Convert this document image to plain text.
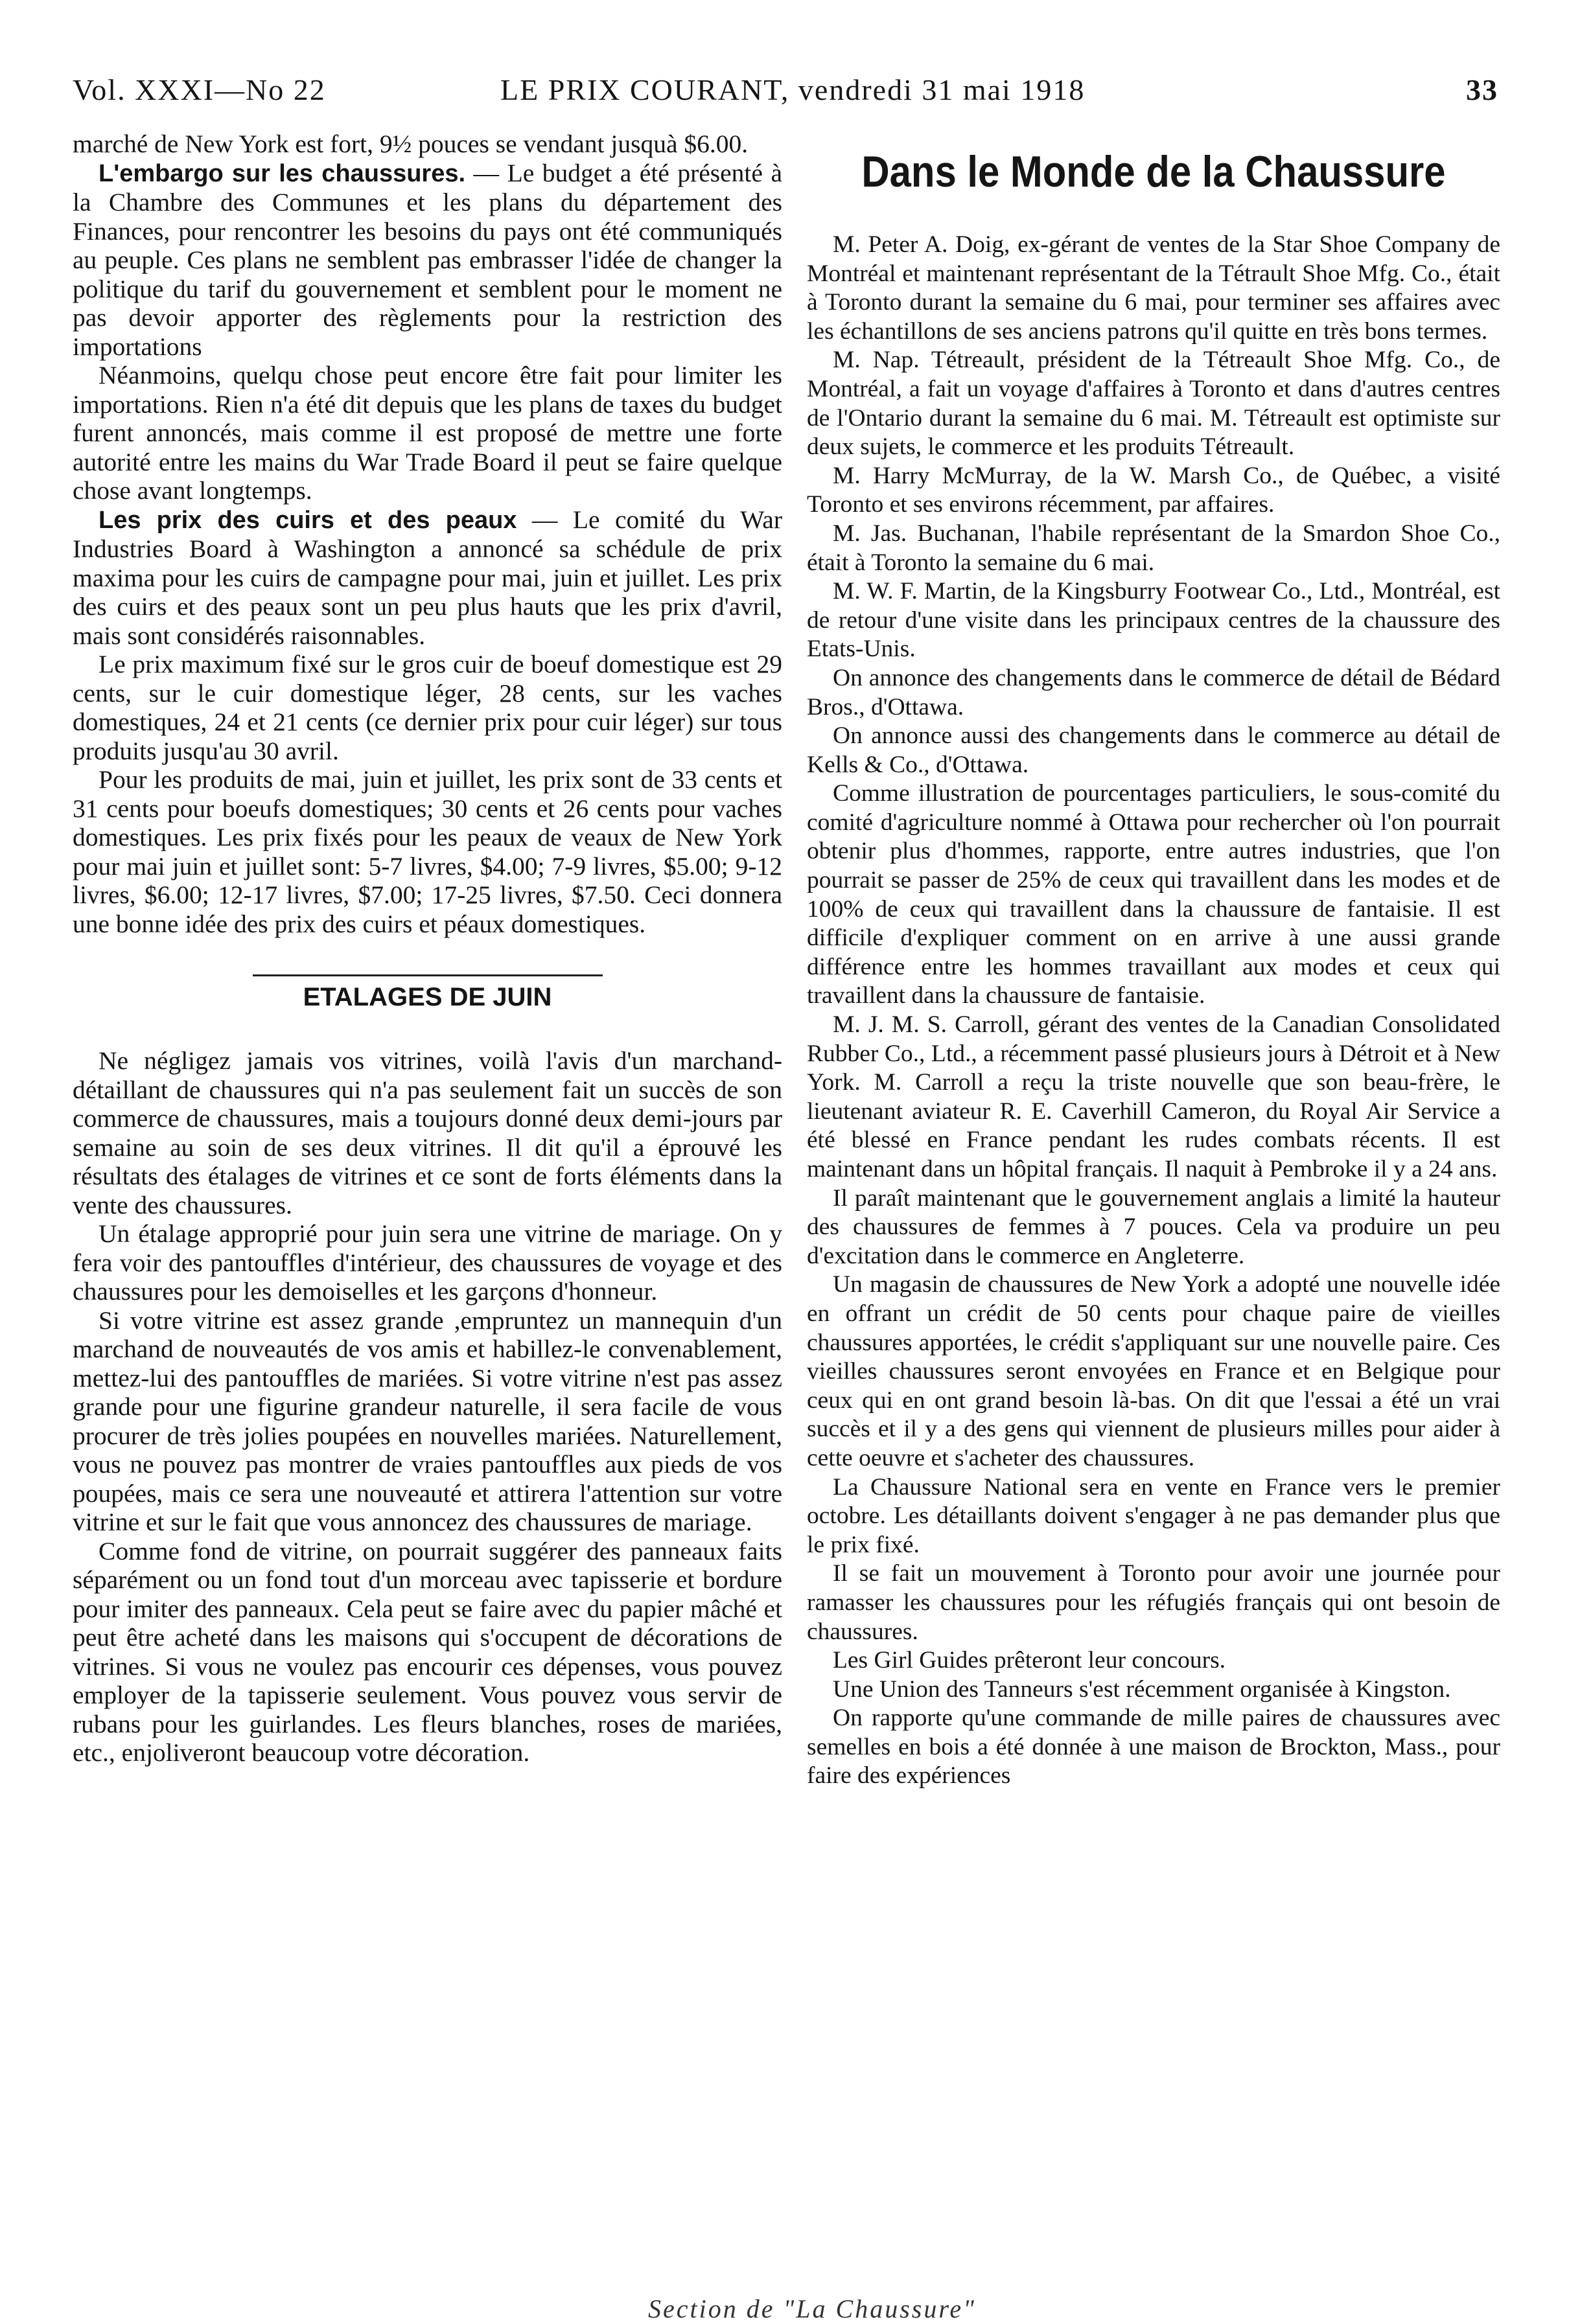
Vol. XXXI—No 22	LE PRIX COURANT, vendredi 31 mai 1918	33

marché de New York est fort, 9½ pouces se vendant jusquà $6.00.

L'embargo sur les chaussures. — Le budget a été présenté à la Chambre des Communes et les plans du département des Finances, pour rencontrer les besoins du pays ont été communiqués au peuple. Ces plans ne semblent pas embrasser l'idée de changer la politique du tarif du gouvernement et semblent pour le moment ne pas devoir apporter des règlements pour la restriction des importations

Néanmoins, quelqu chose peut encore être fait pour limiter les importations. Rien n'a été dit depuis que les plans de taxes du budget furent annoncés, mais comme il est proposé de mettre une forte autorité entre les mains du War Trade Board il peut se faire quelque chose avant longtemps.

Les prix des cuirs et des peaux — Le comité du War Industries Board à Washington a annoncé sa schédule de prix maxima pour les cuirs de campagne pour mai, juin et juillet. Les prix des cuirs et des peaux sont un peu plus hauts que les prix d'avril, mais sont considérés raisonnables.

Le prix maximum fixé sur le gros cuir de boeuf domestique est 29 cents, sur le cuir domestique léger, 28 cents, sur les vaches domestiques, 24 et 21 cents (ce dernier prix pour cuir léger) sur tous produits jusqu'au 30 avril.

Pour les produits de mai, juin et juillet, les prix sont de 33 cents et 31 cents pour boeufs domestiques; 30 cents et 26 cents pour vaches domestiques. Les prix fixés pour les peaux de veaux de New York pour mai juin et juillet sont: 5-7 livres, $4.00; 7-9 livres, $5.00; 9-12 livres, $6.00; 12-17 livres, $7.00; 17-25 livres, $7.50. Ceci donnera une bonne idée des prix des cuirs et péaux domestiques.

ETALAGES DE JUIN

Ne négligez jamais vos vitrines, voilà l'avis d'un marchand-détaillant de chaussures qui n'a pas seulement fait un succès de son commerce de chaussures, mais a toujours donné deux demi-jours par semaine au soin de ses deux vitrines. Il dit qu'il a éprouvé les résultats des étalages de vitrines et ce sont de forts éléments dans la vente des chaussures.

Un étalage approprié pour juin sera une vitrine de mariage. On y fera voir des pantouffles d'intérieur, des chaussures de voyage et des chaussures pour les demoiselles et les garçons d'honneur.

Si votre vitrine est assez grande ,empruntez un mannequin d'un marchand de nouveautés de vos amis et habillez-le convenablement, mettez-lui des pantouffles de mariées. Si votre vitrine n'est pas assez grande pour une figurine grandeur naturelle, il sera facile de vous procurer de très jolies poupées en nouvelles mariées. Naturellement, vous ne pouvez pas montrer de vraies pantouffles aux pieds de vos poupées, mais ce sera une nouveauté et attirera l'attention sur votre vitrine et sur le fait que vous annoncez des chaussures de mariage.

Comme fond de vitrine, on pourrait suggérer des panneaux faits séparément ou un fond tout d'un morceau avec tapisserie et bordure pour imiter des panneaux. Cela peut se faire avec du papier mâché et peut être acheté dans les maisons qui s'occupent de décorations de vitrines. Si vous ne voulez pas encourir ces dépenses, vous pouvez employer de la tapisserie seulement. Vous pouvez vous servir de rubans pour les guirlandes. Les fleurs blanches, roses de mariées, etc., enjoliveront beaucoup votre décoration.

Dans le Monde de la Chaussure

M. Peter A. Doig, ex-gérant de ventes de la Star Shoe Company de Montréal et maintenant représentant de la Tétrault Shoe Mfg. Co., était à Toronto durant la semaine du 6 mai, pour terminer ses affaires avec les échantillons de ses anciens patrons qu'il quitte en très bons termes.

M. Nap. Tétreault, président de la Tétreault Shoe Mfg. Co., de Montréal, a fait un voyage d'affaires à Toronto et dans d'autres centres de l'Ontario durant la semaine du 6 mai. M. Tétreault est optimiste sur deux sujets, le commerce et les produits Tétreault.

M. Harry McMurray, de la W. Marsh Co., de Québec, a visité Toronto et ses environs récemment, par affaires.

M. Jas. Buchanan, l'habile représentant de la Smardon Shoe Co., était à Toronto la semaine du 6 mai.

M. W. F. Martin, de la Kingsburry Footwear Co., Ltd., Montréal, est de retour d'une visite dans les principaux centres de la chaussure des Etats-Unis.

On annonce des changements dans le commerce de détail de Bédard Bros., d'Ottawa.

On annonce aussi des changements dans le commerce au détail de Kells & Co., d'Ottawa.

Comme illustration de pourcentages particuliers, le sous-comité du comité d'agriculture nommé à Ottawa pour rechercher où l'on pourrait obtenir plus d'hommes, rapporte, entre autres industries, que l'on pourrait se passer de 25% de ceux qui travaillent dans les modes et de 100% de ceux qui travaillent dans la chaussure de fantaisie. Il est difficile d'expliquer comment on en arrive à une aussi grande différence entre les hommes travaillant aux modes et ceux qui travaillent dans la chaussure de fantaisie.

M. J. M. S. Carroll, gérant des ventes de la Canadian Consolidated Rubber Co., Ltd., a récemment passé plusieurs jours à Détroit et à New York. M. Carroll a reçu la triste nouvelle que son beau-frère, le lieutenant aviateur R. E. Caverhill Cameron, du Royal Air Service a été blessé en France pendant les rudes combats récents. Il est maintenant dans un hôpital français. Il naquit à Pembroke il y a 24 ans.

Il paraît maintenant que le gouvernement anglais a limité la hauteur des chaussures de femmes à 7 pouces. Cela va produire un peu d'excitation dans le commerce en Angleterre.

Un magasin de chaussures de New York a adopté une nouvelle idée en offrant un crédit de 50 cents pour chaque paire de vieilles chaussures apportées, le crédit s'appliquant sur une nouvelle paire. Ces vieilles chaussures seront envoyées en France et en Belgique pour ceux qui en ont grand besoin là-bas. On dit que l'essai a été un vrai succès et il y a des gens qui viennent de plusieurs milles pour aider à cette oeuvre et s'acheter des chaussures.

La Chaussure National sera en vente en France vers le premier octobre. Les détaillants doivent s'engager à ne pas demander plus que le prix fixé.

Il se fait un mouvement à Toronto pour avoir une journée pour ramasser les chaussures pour les réfugiés français qui ont besoin de chaussures.

Les Girl Guides prêteront leur concours.

Une Union des Tanneurs s'est récemment organisée à Kingston.

On rapporte qu'une commande de mille paires de chaussures avec semelles en bois a été donnée à une maison de Brockton, Mass., pour faire des expériences

Section de "La Chaussure"
